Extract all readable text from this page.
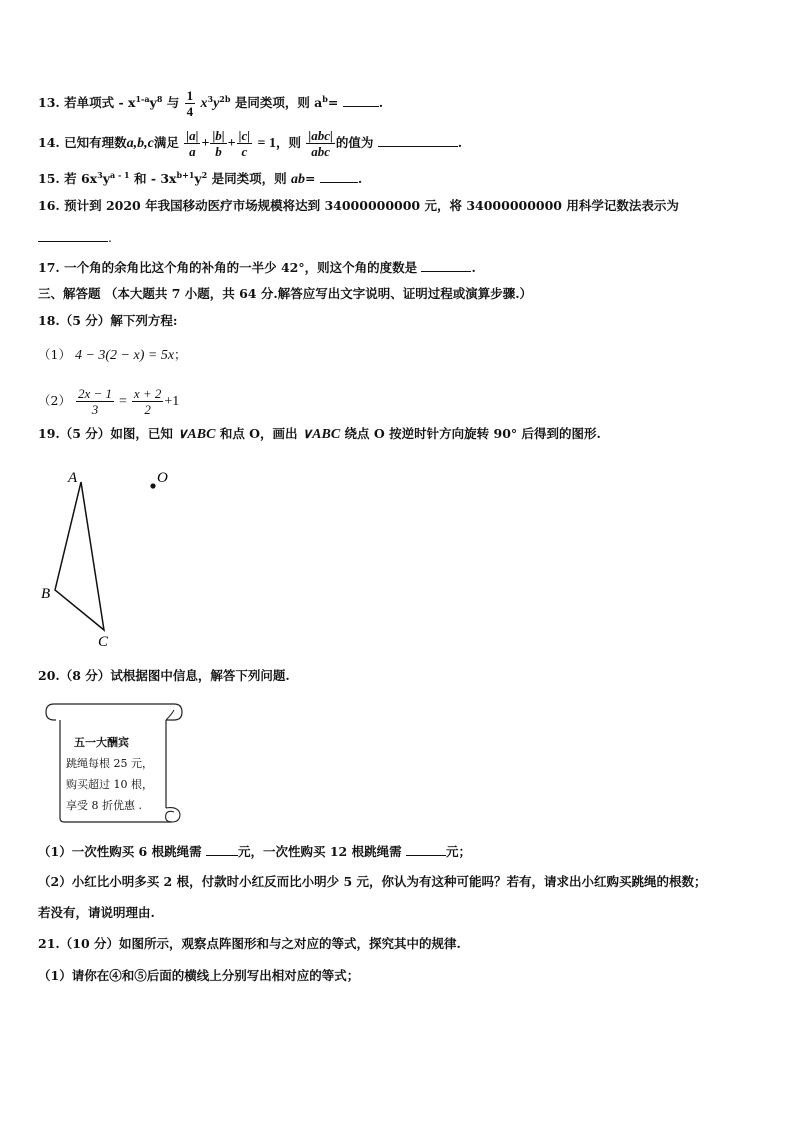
13. 若单项式 - $x^{1-a}y^8$ 与 $\frac{1}{4} x^3y^{2b}$ 是同类项，则 $a^b=$	.
14. 已知有理数a,b,c满足 $\frac{|a|}{a} + \frac{|b|}{b} + \frac{|c|}{c} = 1$，则 $\frac{\text{|abc|}}{\text{abc}}$ 的值为	.
15. 若 $6x^3y^{a - 1}$ 和 - $3x^{b+1}y^2$ 是同类项，则 ab=	.
16. 预计到 2020 年我国移动医疗市场规模将达到 34000000000 元，将 34000000000 用科学记数法表示为
.
17. 一个角的余角比这个角的补角的一半少 42°，则这个角的度数是	.
三、解答题 （本大题共 7 小题，共 64 分.解答应写出文字说明、证明过程或演算步骤.）
18.（5 分）解下列方程:
（1） 4 − 3(2 − x) = 5x；
$(2) \frac{2x - 1}{3} = \frac{x + 2}{2} +1$
19.（5 分）如图，已知 ∨ABC 和点 O，画出 ∨ABC 绕点 O 按逆时针方向旋转 90° 后得到的图形.
A
B
C
O
20.（8 分）试根据图中信息，解答下列问题.
五一大酬宾
跳绳每根 25 元，
购买超过 10 根，
享受 8 折优惠 .
（1）一次性购买 6 根跳绳需	元，一次性购买 12 根跳绳需	元；
（2）小红比小明多买 2 根，付款时小红反而比小明少 5 元，你认为有这种可能吗？若有，请求出小红购买跳绳的根数；
若没有，请说明理由.
21.（10 分）如图所示，观察点阵图形和与之对应的等式，探究其中的规律.
（1）请你在④和⑤后面的横线上分别写出相对应的等式；
